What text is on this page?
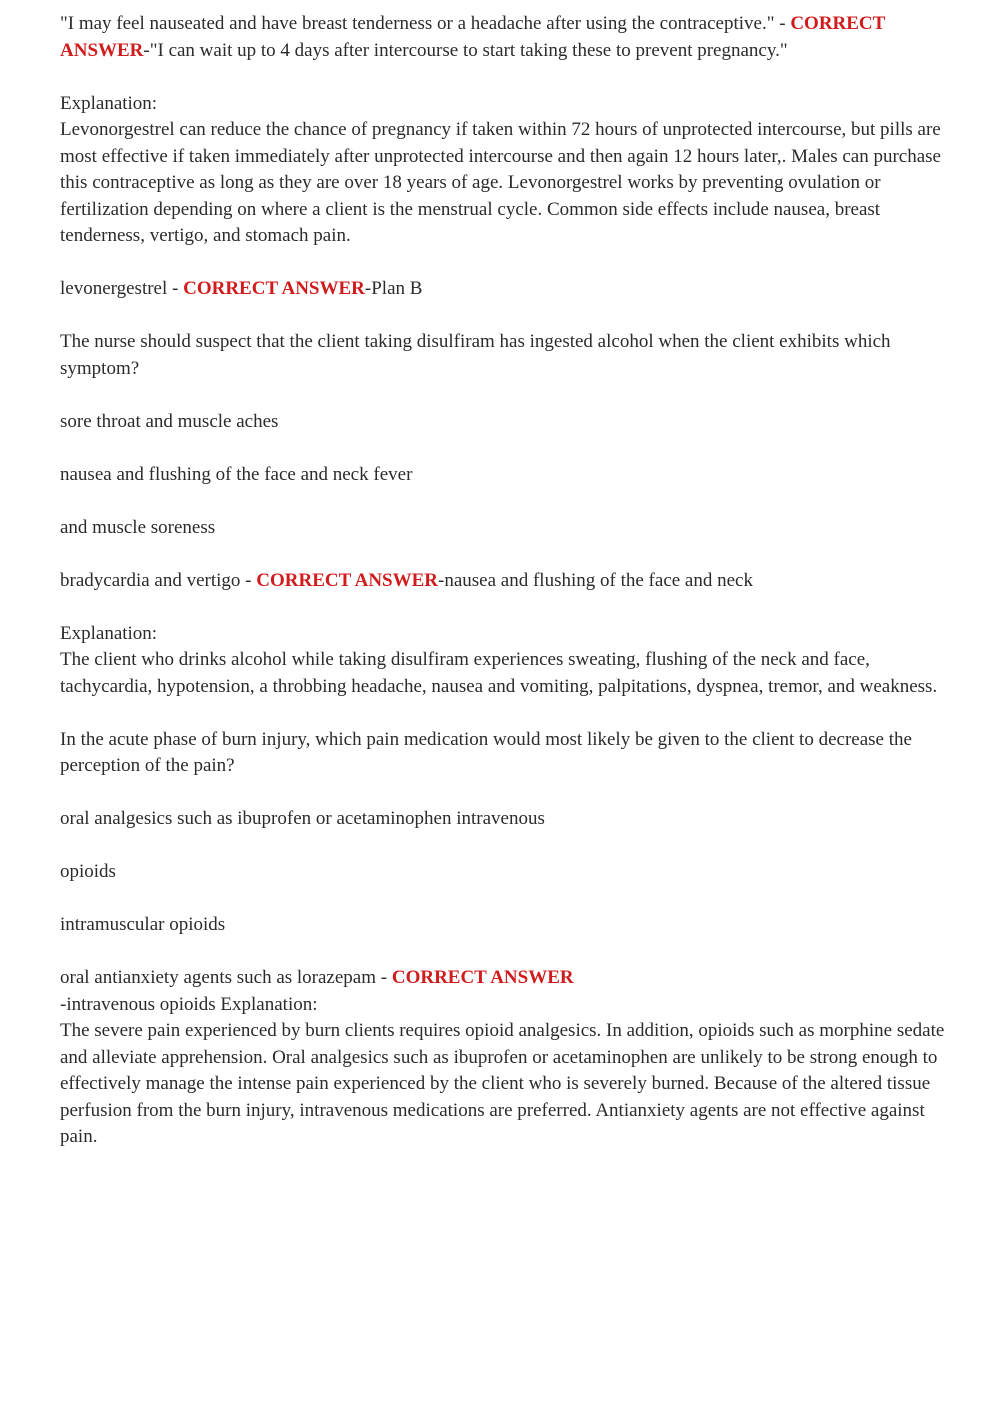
"I may feel nauseated and have breast tenderness or a headache after using the contraceptive." - CORRECT ANSWER-"I can wait up to 4 days after intercourse to start taking these to prevent pregnancy."

Explanation:
Levonorgestrel can reduce the chance of pregnancy if taken within 72 hours of unprotected intercourse, but pills are most effective if taken immediately after unprotected intercourse and then again 12 hours later,. Males can purchase this contraceptive as long as they are over 18 years of age. Levonorgestrel works by preventing ovulation or fertilization depending on where a client is the menstrual cycle. Common side effects include nausea, breast tenderness, vertigo, and stomach pain.

levonergestrel - CORRECT ANSWER-Plan B

The nurse should suspect that the client taking disulfiram has ingested alcohol when the client exhibits which symptom?

sore throat and muscle aches

nausea and flushing of the face and neck fever

and muscle soreness

bradycardia and vertigo - CORRECT ANSWER-nausea and flushing of the face and neck

Explanation:
The client who drinks alcohol while taking disulfiram experiences sweating, flushing of the neck and face, tachycardia, hypotension, a throbbing headache, nausea and vomiting, palpitations, dyspnea, tremor, and weakness.

In the acute phase of burn injury, which pain medication would most likely be given to the client to decrease the perception of the pain?

oral analgesics such as ibuprofen or acetaminophen intravenous

opioids

intramuscular opioids

oral antianxiety agents such as lorazepam - CORRECT ANSWER
-intravenous opioids Explanation:
The severe pain experienced by burn clients requires opioid analgesics. In addition, opioids such as morphine sedate and alleviate apprehension. Oral analgesics such as ibuprofen or acetaminophen are unlikely to be strong enough to effectively manage the intense pain experienced by the client who is severely burned. Because of the altered tissue perfusion from the burn injury, intravenous medications are preferred. Antianxiety agents are not effective against pain.
